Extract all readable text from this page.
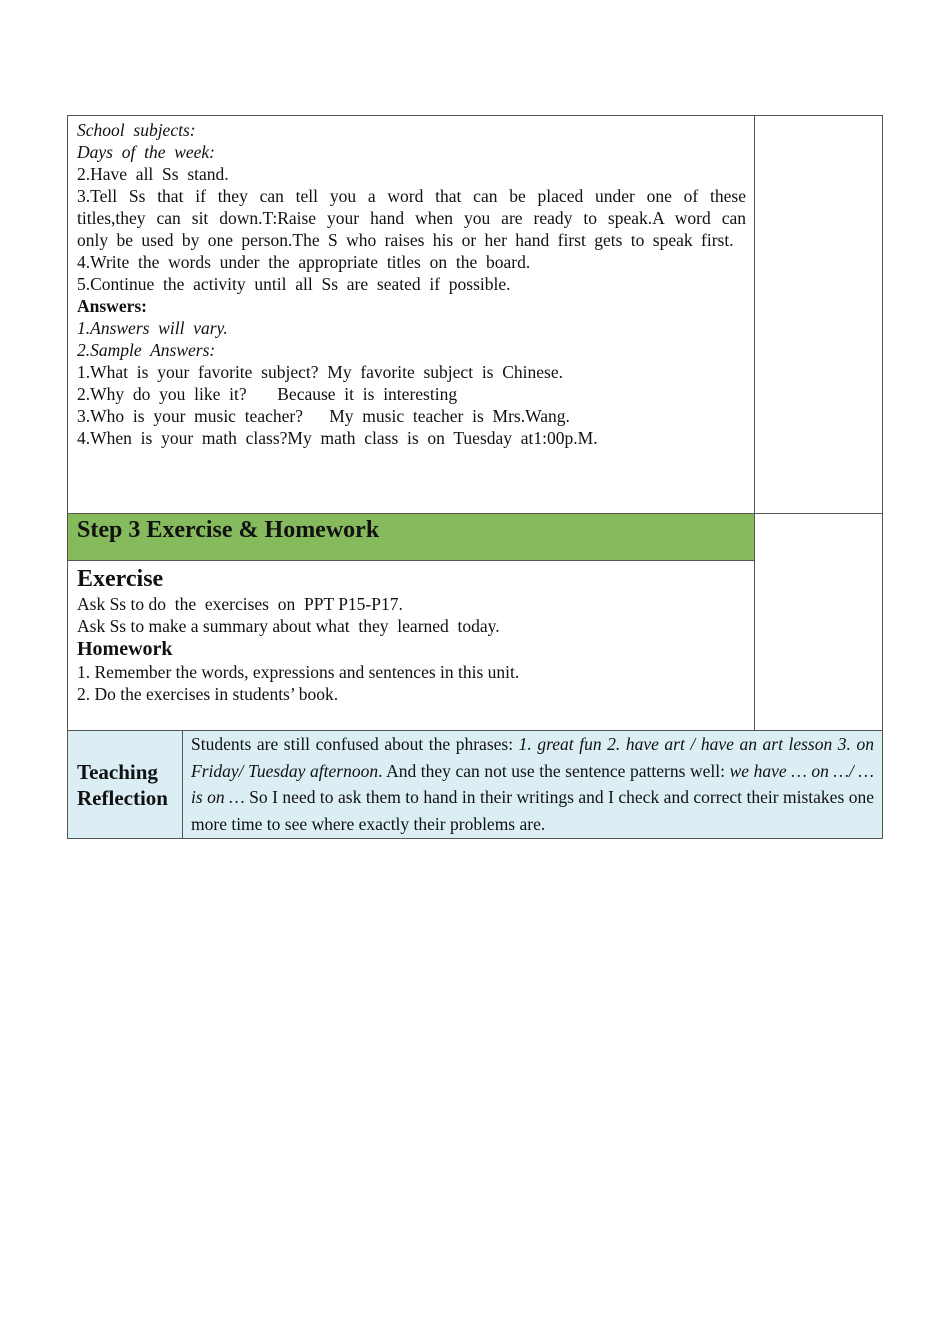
School  subjects:
Days  of  the  week:
2.Have  all  Ss  stand.
3.Tell Ss that if they can tell you a word that can be placed under one of these titles,they can sit down.T:Raise your hand when you are ready to speak.A word can only be used by one person.The S who raises his or her hand first gets to speak first.
4.Write  the  words  under  the  appropriate  titles  on  the  board.
5.Continue  the  activity  until  all  Ss  are  seated  if  possible.
Answers:
1.Answers  will  vary.
2.Sample  Answers:
1.What  is  your  favorite  subject?  My  favorite  subject  is  Chinese.
2.Why  do  you  like  it?       Because  it  is  interesting
3.Who  is  your  music  teacher?      My  music  teacher  is  Mrs.Wang.
4.When  is  your  math  class?My  math  class  is  on  Tuesday  at1:00p.M.
Step 3 Exercise & Homework
Exercise
Ask Ss to do  the  exercises  on  PPT P15-P17.
Ask Ss to make a summary about what  they  learned  today.
Homework
1. Remember the words, expressions and sentences in this unit.
2. Do the exercises in students’ book.
Teaching
Reflection
Students are still confused about the phrases: 1. great fun 2. have art / have an art lesson 3. on Friday/ Tuesday afternoon. And they can not use the sentence patterns well: we have … on …/ … is on … So I need to ask them to hand in their writings and I check and correct their mistakes one more time to see where exactly their problems are.
